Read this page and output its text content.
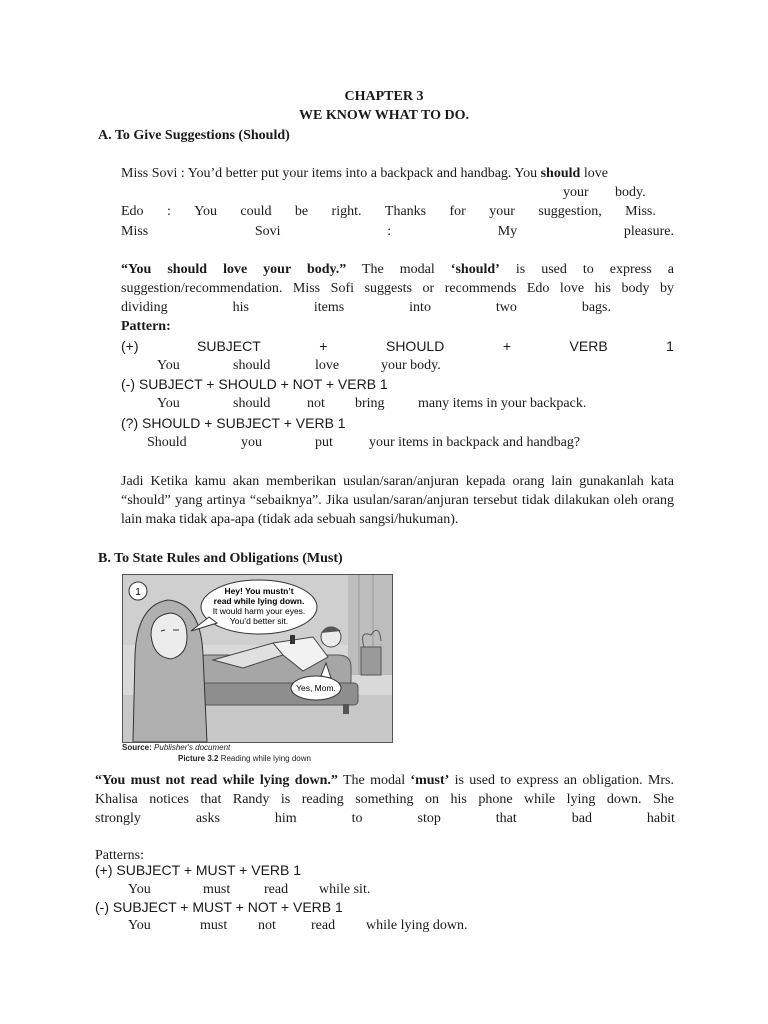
CHAPTER 3
WE KNOW WHAT TO DO.
A. To Give Suggestions (Should)
Miss Sovi : You’d better put your items into a backpack and handbag. You should love
your body.
Edo : You could be right. Thanks for your suggestion, Miss.
Miss	Sovi	:	My	pleasure.
“You should love your body.” The modal ‘should’ is used to express a suggestion/recommendation. Miss Sofi suggests or recommends Edo love his body by
dividing	his	items	into	two	bags.
Pattern:
(+)	SUBJECT	+	SHOULD	+	VERB	1
You	should	love	your body.
(-) SUBJECT + SHOULD + NOT + VERB 1
You	should	not bring many items in your backpack.
(?) SHOULD + SUBJECT + VERB 1
Should	you	put	your items in backpack and handbag?
Jadi Ketika kamu akan memberikan usulan/saran/anjuran kepada orang lain gunakanlah kata “should” yang artinya “sebaiknya”. Jika usulan/saran/anjuran tersebut tidak dilakukan oleh orang lain maka tidak apa-apa (tidak ada sebuah sangsi/hukuman).
B. To State Rules and Obligations (Must)
1	Hey! You mustn’t
read while lying down.
It would harm your eyes.
You’d better sit.
Yes, Mom.
Source: Publisher's document
Picture 3.2 Reading while lying down
“You must not read while lying down.” The modal ‘must’ is used to express an obligation. Mrs. Khalisa notices that Randy is reading something on his phone while lying down. She
strongly	asks	him	to	stop	that	bad	habit
Patterns:
(+) SUBJECT + MUST + VERB 1
You	must read while sit.
(-) SUBJECT + MUST + NOT + VERB 1
You	must not	read while lying down.
